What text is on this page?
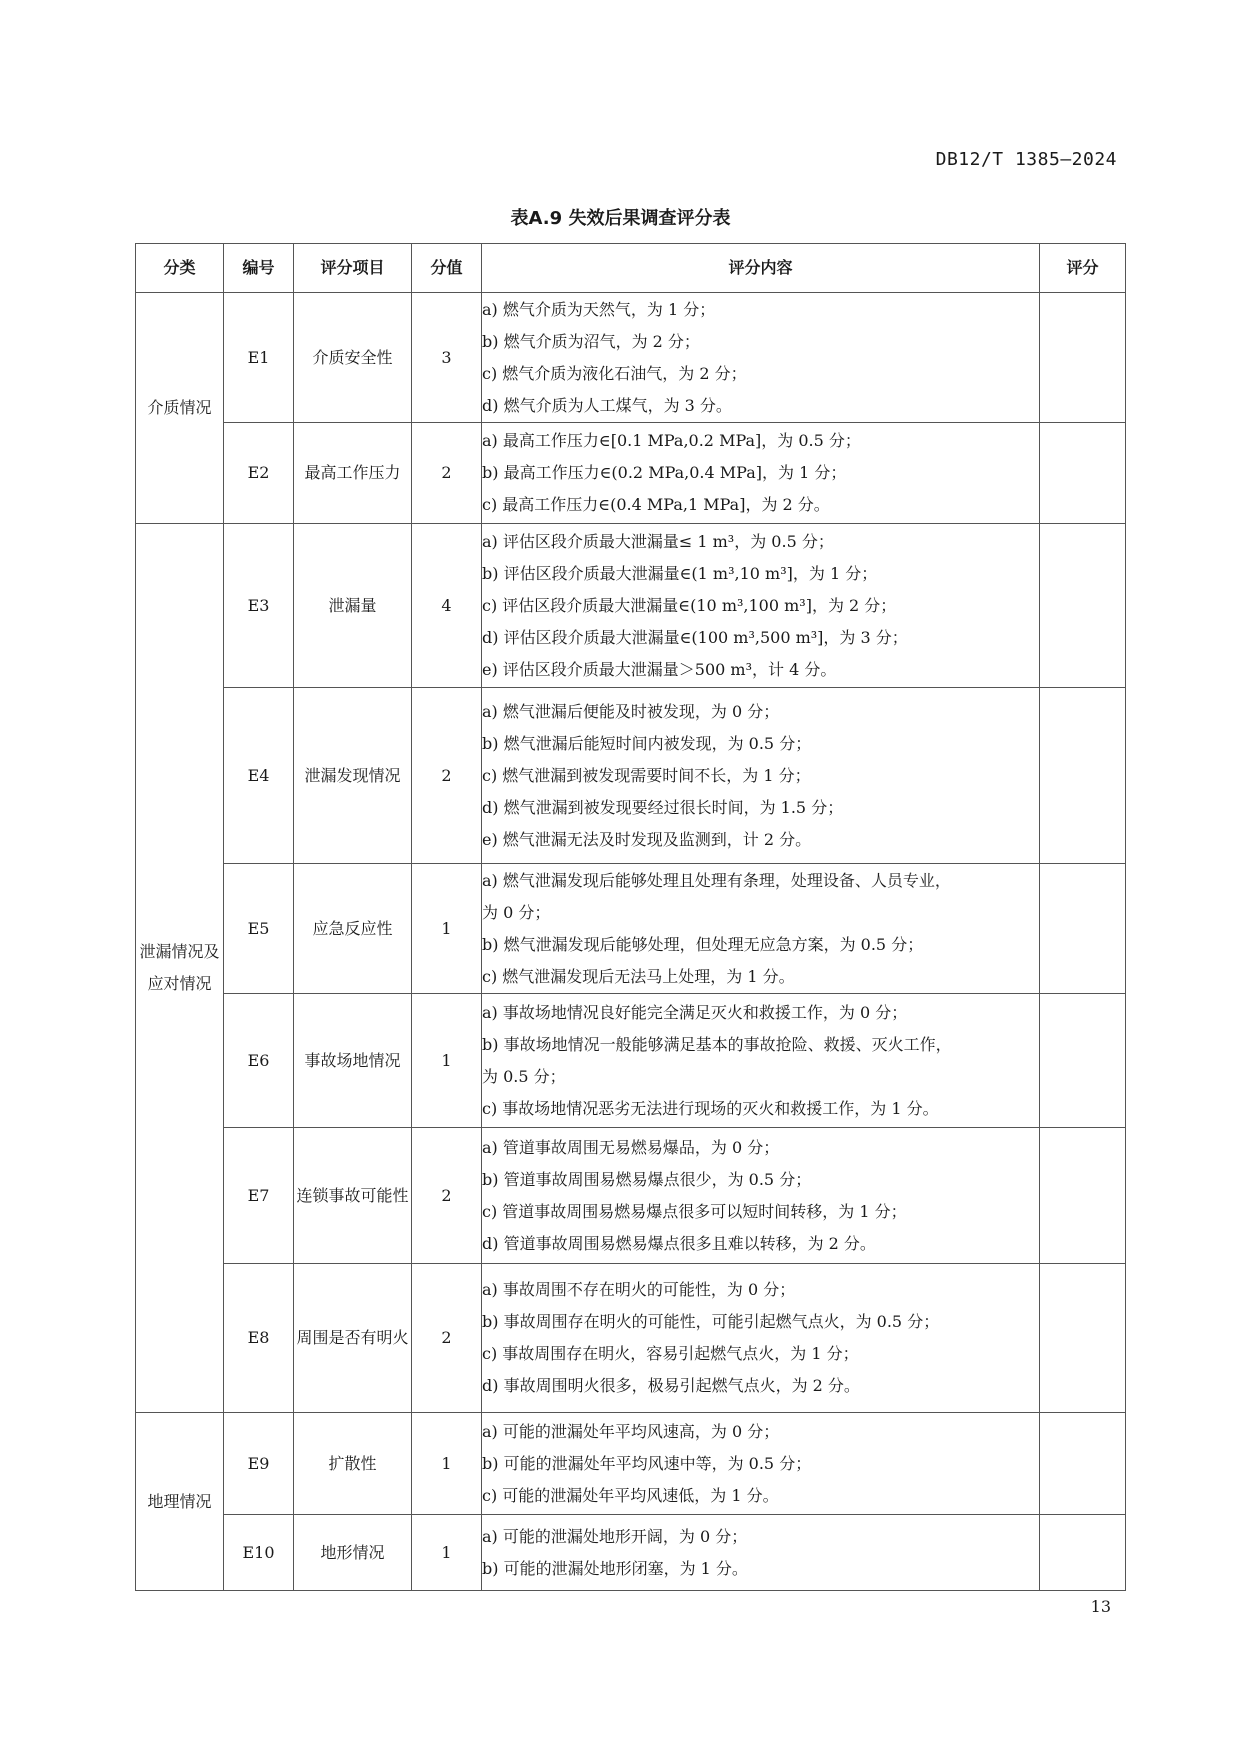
DB12/T 1385—2024
表A.9 失效后果调查评分表
分类	编号	评分项目	分值	评分内容	评分
介质情况	E1	介质安全性	3	a) 燃气介质为天然气，为 1 分；
b) 燃气介质为沼气，为 2 分；
c) 燃气介质为液化石油气，为 2 分；
d) 燃气介质为人工煤气，为 3 分。	

	E2	最高工作压力	2	a) 最高工作压力∈[0.1 MPa,0.2 MPa]，为 0.5 分；
b) 最高工作压力∈(0.2 MPa,0.4 MPa]，为 1 分；
c) 最高工作压力∈(0.4 MPa,1 MPa]，为 2 分。	

泄漏情况及应对情况	E3	泄漏量	4	a) 评估区段介质最大泄漏量≤ 1 m³，为 0.5 分；
b) 评估区段介质最大泄漏量∈(1 m³,10 m³]，为 1 分；
c) 评估区段介质最大泄漏量∈(10 m³,100 m³]，为 2 分；
d) 评估区段介质最大泄漏量∈(100 m³,500 m³]，为 3 分；
e) 评估区段介质最大泄漏量＞500 m³，计 4 分。	

	E4	泄漏发现情况	2	a) 燃气泄漏后便能及时被发现，为 0 分；
b) 燃气泄漏后能短时间内被发现，为 0.5 分；
c) 燃气泄漏到被发现需要时间不长，为 1 分；
d) 燃气泄漏到被发现要经过很长时间，为 1.5 分；
e) 燃气泄漏无法及时发现及监测到，计 2 分。	

	E5	应急反应性	1	a) 燃气泄漏发现后能够处理且处理有条理，处理设备、人员专业，
为 0 分；
b) 燃气泄漏发现后能够处理，但处理无应急方案，为 0.5 分；
c) 燃气泄漏发现后无法马上处理，为 1 分。	

	E6	事故场地情况	1	a) 事故场地情况良好能完全满足灭火和救援工作，为 0 分；
b) 事故场地情况一般能够满足基本的事故抢险、救援、灭火工作，
为 0.5 分；
c) 事故场地情况恶劣无法进行现场的灭火和救援工作，为 1 分。	

	E7	连锁事故可能性	2	a) 管道事故周围无易燃易爆品，为 0 分；
b) 管道事故周围易燃易爆点很少，为 0.5 分；
c) 管道事故周围易燃易爆点很多可以短时间转移，为 1 分；
d) 管道事故周围易燃易爆点很多且难以转移，为 2 分。	

	E8	周围是否有明火	2	a) 事故周围不存在明火的可能性，为 0 分；
b) 事故周围存在明火的可能性，可能引起燃气点火，为 0.5 分；
c) 事故周围存在明火，容易引起燃气点火，为 1 分；
d) 事故周围明火很多，极易引起燃气点火，为 2 分。	

地理情况	E9	扩散性	1	a) 可能的泄漏处年平均风速高，为 0 分；
b) 可能的泄漏处年平均风速中等，为 0.5 分；
c) 可能的泄漏处年平均风速低，为 1 分。	

	E10	地形情况	1	a) 可能的泄漏处地形开阔，为 0 分；
b) 可能的泄漏处地形闭塞，为 1 分。	

13
